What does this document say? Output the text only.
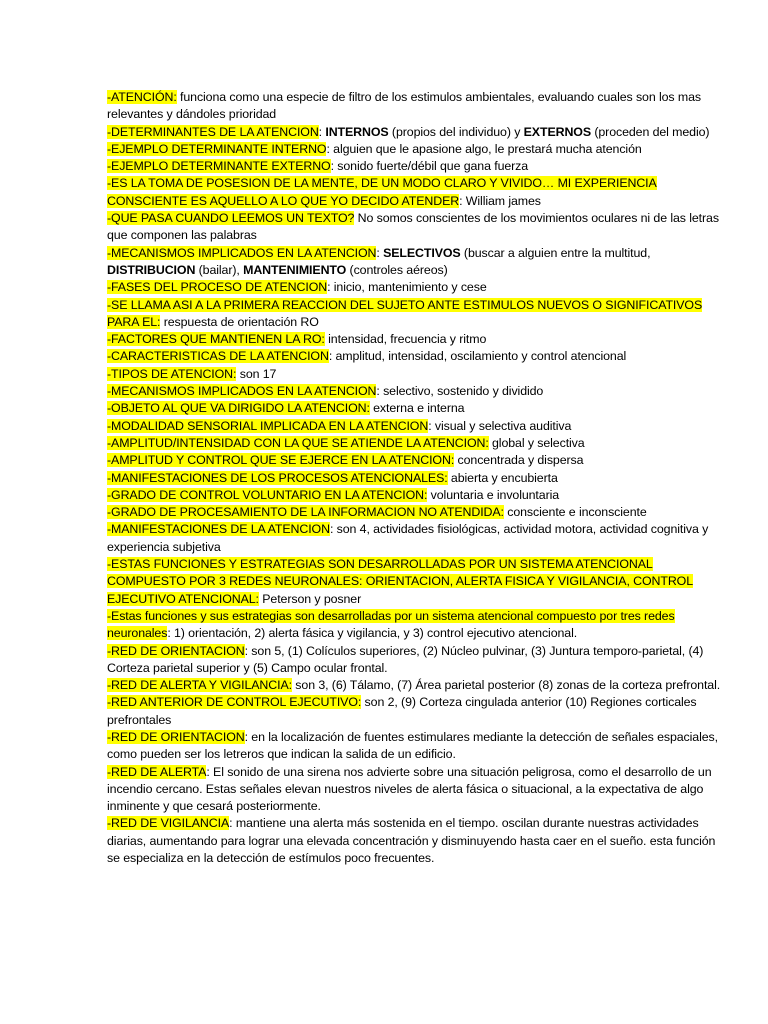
-ATENCIÓN: funciona como una especie de filtro de los estimulos ambientales, evaluando cuales son los mas relevantes y dándoles prioridad

-DETERMINANTES DE LA ATENCION: INTERNOS (propios del individuo) y EXTERNOS (proceden del medio)

-EJEMPLO DETERMINANTE INTERNO: alguien que le apasione algo, le prestará mucha atención

-EJEMPLO DETERMINANTE EXTERNO: sonido fuerte/débil que gana fuerza

-ES LA TOMA DE POSESION DE LA MENTE, DE UN MODO CLARO Y VIVIDO… MI EXPERIENCIA CONSCIENTE ES AQUELLO A LO QUE YO DECIDO ATENDER: William james

-QUE PASA CUANDO LEEMOS UN TEXTO? No somos conscientes de los movimientos oculares ni de las letras que componen las palabras

-MECANISMOS IMPLICADOS EN LA ATENCION: SELECTIVOS (buscar a alguien entre la multitud, DISTRIBUCION (bailar), MANTENIMIENTO (controles aéreos)

-FASES DEL PROCESO DE ATENCION: inicio, mantenimiento y cese

-SE LLAMA ASI A LA PRIMERA REACCION DEL SUJETO ANTE ESTIMULOS NUEVOS O SIGNIFICATIVOS PARA EL: respuesta de orientación RO

-FACTORES QUE MANTIENEN LA RO: intensidad, frecuencia y ritmo

-CARACTERISTICAS DE LA ATENCION: amplitud, intensidad, oscilamiento y control atencional

-TIPOS DE ATENCION: son 17

-MECANISMOS IMPLICADOS EN LA ATENCION: selectivo, sostenido y dividido

-OBJETO AL QUE VA DIRIGIDO LA ATENCION: externa e interna

-MODALIDAD SENSORIAL IMPLICADA EN LA ATENCION: visual y selectiva auditiva

-AMPLITUD/INTENSIDAD CON LA QUE SE ATIENDE LA ATENCION: global y selectiva

-AMPLITUD Y CONTROL QUE SE EJERCE EN LA ATENCION: concentrada y dispersa

-MANIFESTACIONES DE LOS PROCESOS ATENCIONALES: abierta y encubierta

-GRADO DE CONTROL VOLUNTARIO EN LA ATENCION: voluntaria e involuntaria

-GRADO DE PROCESAMIENTO DE LA INFORMACION NO ATENDIDA: consciente e inconsciente

-MANIFESTACIONES DE LA ATENCION: son 4, actividades fisiológicas, actividad motora, actividad cognitiva y experiencia subjetiva

-ESTAS FUNCIONES Y ESTRATEGIAS SON DESARROLLADAS POR UN SISTEMA ATENCIONAL COMPUESTO POR 3 REDES NEURONALES: ORIENTACION, ALERTA FISICA Y VIGILANCIA, CONTROL EJECUTIVO ATENCIONAL: Peterson y posner

-Estas funciones y sus estrategias son desarrolladas por un sistema atencional compuesto por tres redes neuronales: 1) orientación, 2) alerta fásica y vigilancia, y 3) control ejecutivo atencional.

-RED DE ORIENTACION: son 5, (1) Colículos superiores, (2) Núcleo pulvinar, (3) Juntura temporo-parietal, (4) Corteza parietal superior y (5) Campo ocular frontal.

-RED DE ALERTA Y VIGILANCIA: son 3, (6) Tálamo, (7) Área parietal posterior (8) zonas de la corteza prefrontal.

-RED ANTERIOR DE CONTROL EJECUTIVO: son 2, (9) Corteza cingulada anterior (10) Regiones corticales prefrontales

-RED DE ORIENTACION: en la localización de fuentes estimulares mediante la detección de señales espaciales, como pueden ser los letreros que indican la salida de un edificio.

-RED DE ALERTA: El sonido de una sirena nos advierte sobre una situación peligrosa, como el desarrollo de un incendio cercano. Estas señales elevan nuestros niveles de alerta fásica o situacional, a la expectativa de algo inminente y que cesará posteriormente.

-RED DE VIGILANCIA: mantiene una alerta más sostenida en el tiempo. oscilan durante nuestras actividades diarias, aumentando para lograr una elevada concentración y disminuyendo hasta caer en el sueño. esta función se especializa en la detección de estímulos poco frecuentes.
